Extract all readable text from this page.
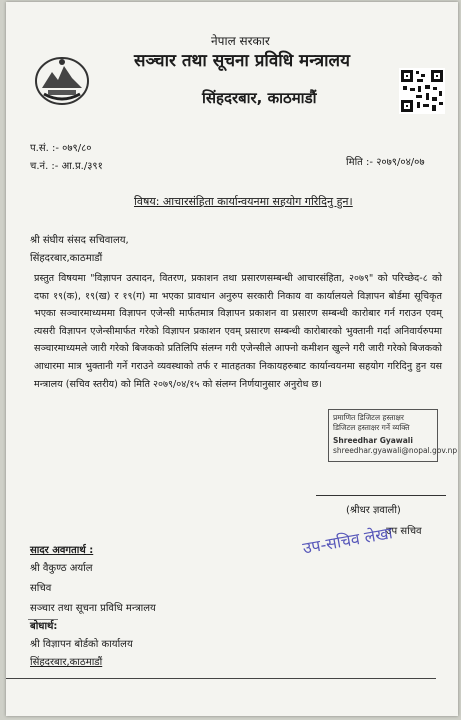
नेपाल सरकार
सञ्चार तथा सूचना प्रविधि मन्त्रालय
सिंहदरबार, काठमाडौं
प.सं. :- ०७९/८०
च.नं. :- आ.प्र./३९१	मिति :- २०७९/०४/०७
विषय: आचारसंहिता कार्यान्वयनमा सहयोग गरिदिनु हुन।
श्री संघीय संसद सचिवालय,
सिंहदरबार,काठमाडौं
प्रस्तुत विषयमा "विज्ञापन उत्पादन, वितरण, प्रकाशन तथा प्रसारणसम्बन्धी आचारसंहिता, २०७९" को परिच्छेद-८ को दफा १९(क), १९(ख) र १९(ग) मा भएका प्रावधान अनुरुप सरकारी निकाय वा कार्यालयले विज्ञापन बोर्डमा सूचिकृत भएका सञ्चारमाध्यममा विज्ञापन एजेन्सी मार्फतमात्र विज्ञापन प्रकाशन वा प्रसारण सम्बन्धी कारोबार गर्न गराउन एवम् त्यसरी विज्ञापन एजेन्सीमार्फत गरेको विज्ञापन प्रकाशन एवम् प्रसारण सम्बन्धी कारोबारको भुक्तानी गर्दा अनिवार्यरुपमा सञ्चारमाध्यमले जारी गरेको बिजकको प्रतिलिपि संलग्न गरी एजेन्सीले आफ्नो कमीशन खुल्ने गरी जारी गरेको बिजकको आधारमा मात्र भुक्तानी गर्ने गराउने व्यवस्थाको तर्फ र मातहतका निकायहरुबाट कार्यान्वयनमा सहयोग गरिदिनु हुन यस मन्त्रालय (सचिव स्तरीय) को मिति २०७९/०४/१५ को संलग्न निर्णयानुसार अनुरोध छ।
प्रमाणित डिजिटल हस्ताक्षर
डिजिटल हस्ताक्षर गर्ने व्यक्ति
Shreedhar Gyawali
shreedhar.gyawali@nopal.gov.np
(श्रीधर ज्ञवाली)
उप सचिव
उप-सचिव लेखा
सादर अवगतार्थ :
श्री वैकुण्ठ अर्याल
सचिव
सञ्चार तथा सूचना प्रविधि मन्त्रालय
बोधार्थ:
श्री विज्ञापन बोर्डको कार्यालय
सिंहदरबार,काठमाडौं
